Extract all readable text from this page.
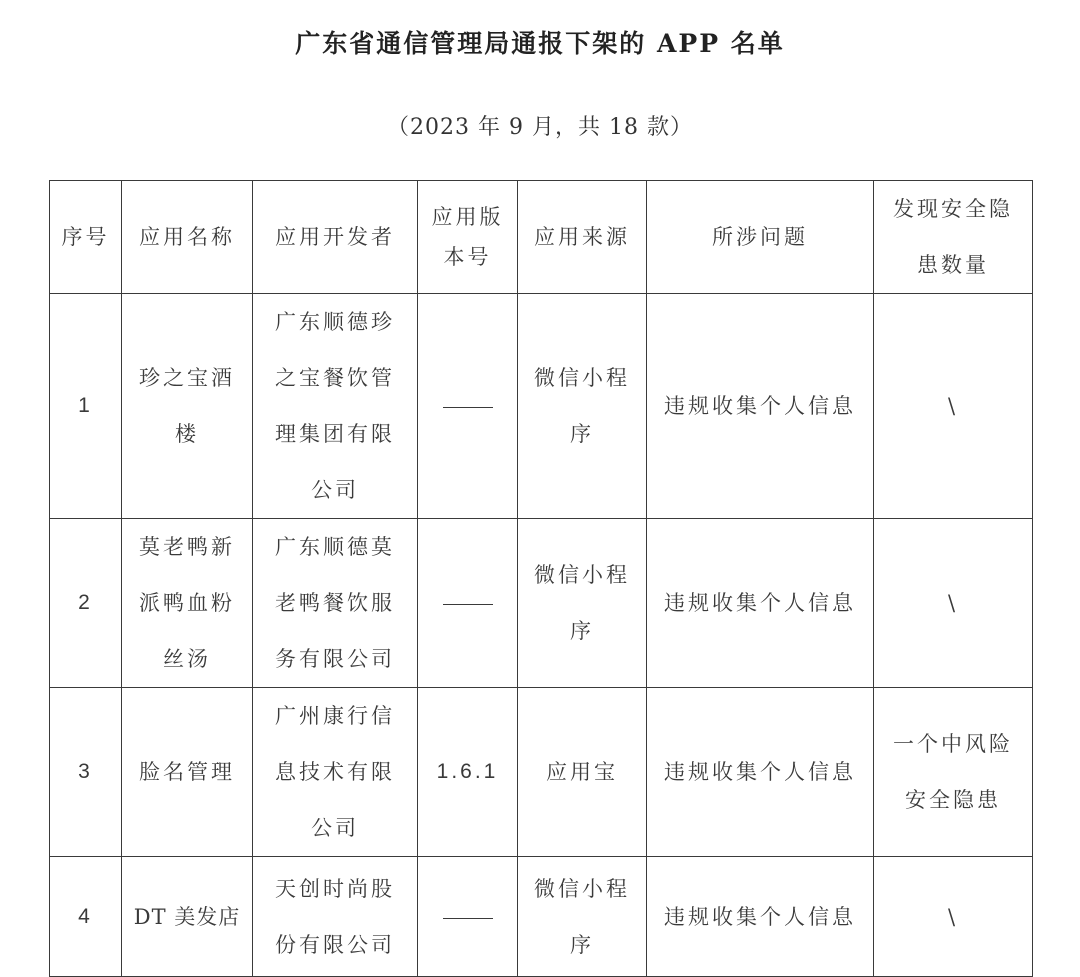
广东省通信管理局通报下架的 APP 名单
（2023 年 9 月，共 18 款）
序号	应用名称	应用开发者	应用版本号	应用来源	所涉问题	发现安全隐患数量
1	珍之宝酒楼	广东顺德珍之宝餐饮管理集团有限公司		微信小程序	违规收集个人信息	\
2	莫老鸭新派鸭血粉丝汤	广东顺德莫老鸭餐饮服务有限公司		微信小程序	违规收集个人信息	\
3	脸名管理	广州康行信息技术有限公司	1.6.1	应用宝	违规收集个人信息	一个中风险安全隐患
4	DT 美发店	天创时尚股份有限公司		微信小程序	违规收集个人信息	\
